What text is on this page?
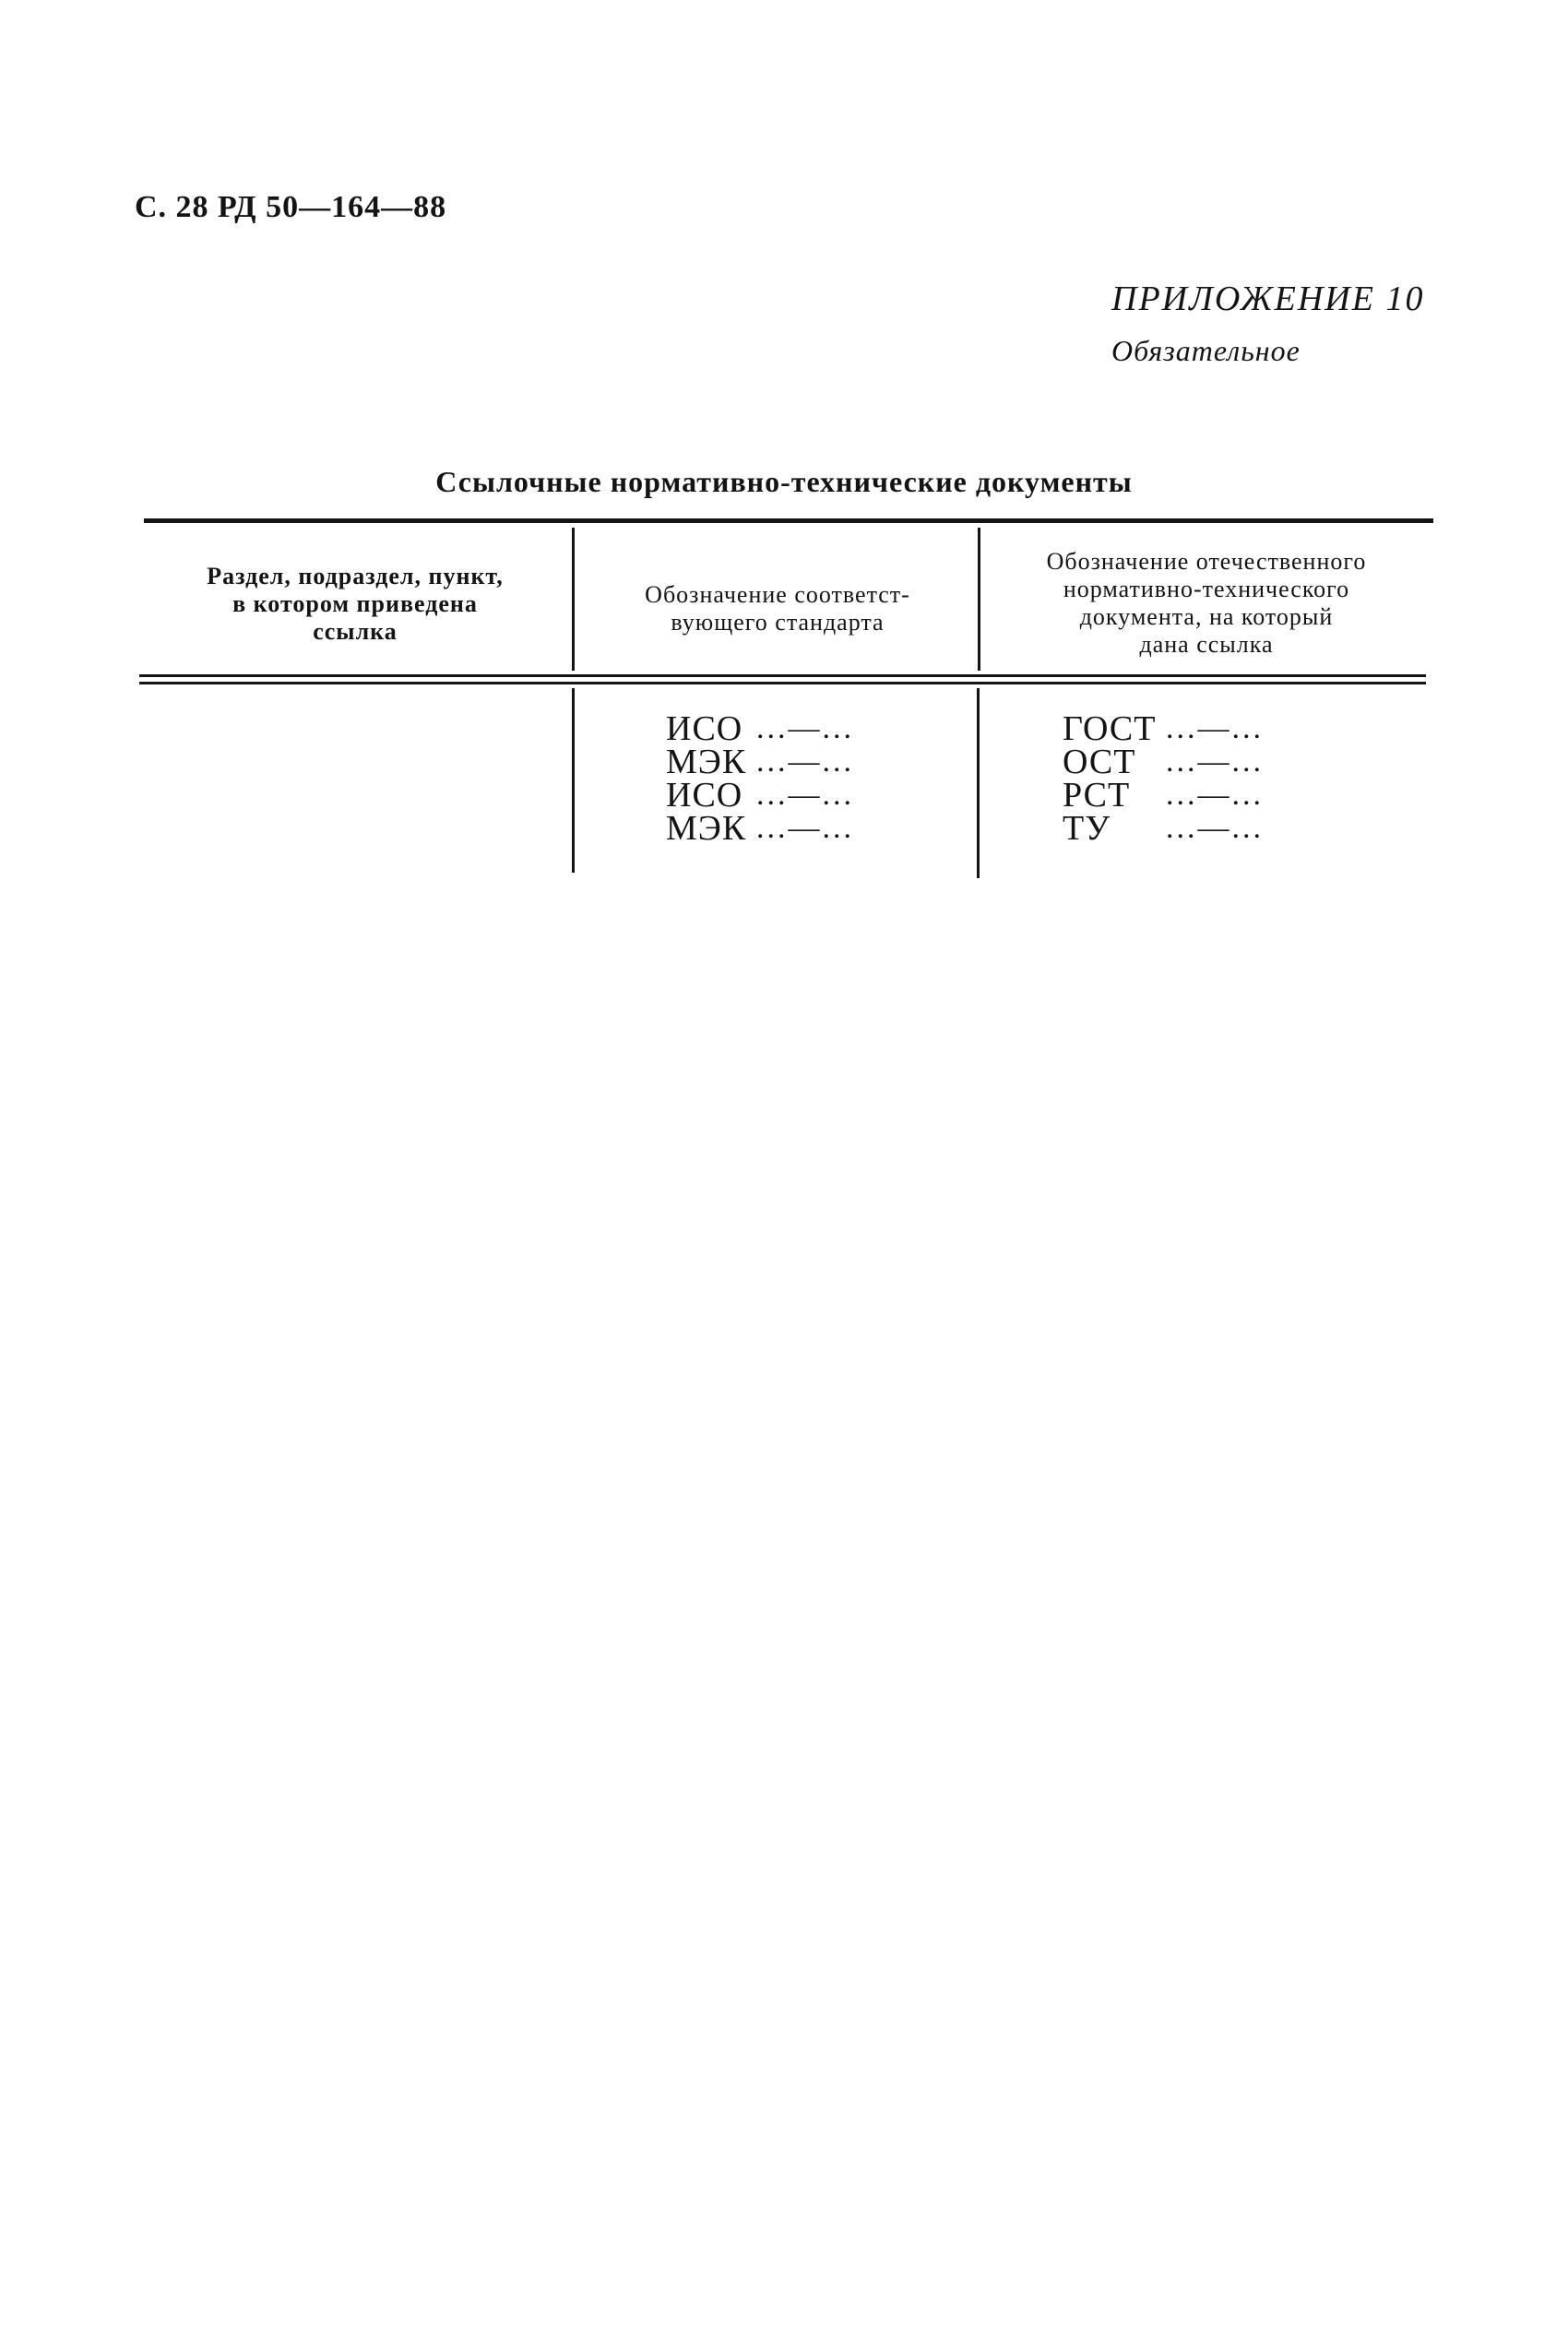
С. 28 РД 50—164—88
ПРИЛОЖЕНИЕ 10
Обязательное
Ссылочные нормативно-технические документы
Раздел, подраздел, пункт,
в котором приведена
ссылка
Обозначение соответст-
вующего стандарта
Обозначение отечественного
нормативно-технического
документа, на который
дана ссылка
ИСО ...—...
МЭК ...—...
ИСО ...—...
МЭК ...—...
ГОСТ ...—...
ОСТ ...—...
РСТ	...—...
ТУ	...—...
